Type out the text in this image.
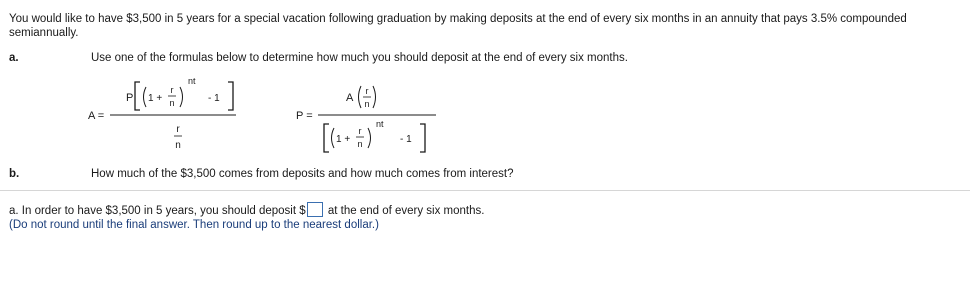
You would like to have $3,500 in 5 years for a special vacation following graduation by making deposits at the end of every six months in an annuity that pays 3.5% compounded semiannually.
a.	Use one of the formulas below to determine how much you should deposit at the end of every six months.
A =
P 1 +
r
n
nt
- 1
r
n
P =
A
r
n
1 +
r
n
nt
- 1
b.	How much of the $3,500 comes from deposits and how much comes from interest?
a. In order to have $3,500 in 5 years, you should deposit $ at the end of every six months.
(Do not round until the final answer. Then round up to the nearest dollar.)
